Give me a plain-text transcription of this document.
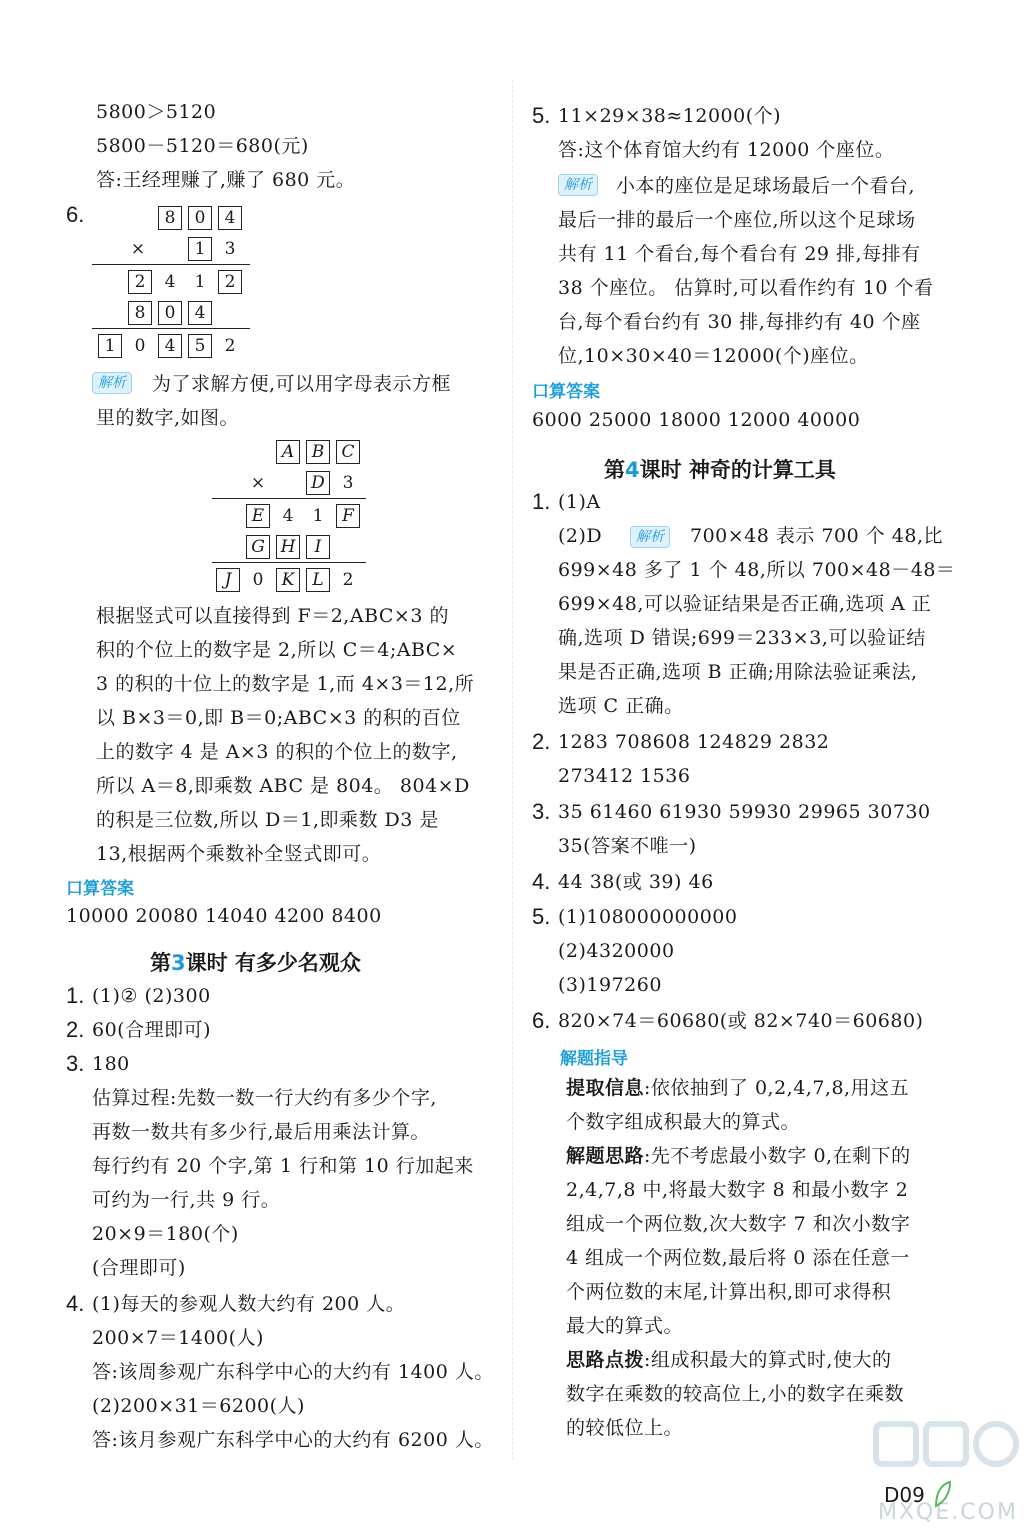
5800＞5120
5800－5120＝680(元)
答:王经理赚了,赚了 680 元。
6.	8	0	4
×	1	3
2	4	1	2
8	0	4
1	0	4	5	2
解析	为了求解方便,可以用字母表示方框
里的数字,如图。
A	B	C
×	D	3
E	4	1	F
G H	I
J	0	K	L	2
根据竖式可以直接得到 F＝2,ABC×3 的
积的个位上的数字是 2,所以 C＝4;ABC×
3 的积的十位上的数字是 1,而 4×3＝12,所
以 B×3＝0,即 B＝0;ABC×3 的积的百位
上的数字 4 是 A×3 的积的个位上的数字,
所以 A＝8,即乘数 ABC 是 804。 804×D
的积是三位数,所以 D＝1,即乘数 D3 是
13,根据两个乘数补全竖式即可。
口算答案
10000 20080 14040 4200 8400
第3课时 有多少名观众
1. (1)② (2)300
2. 60(合理即可)
3. 180
估算过程:先数一数一行大约有多少个字,
再数一数共有多少行,最后用乘法计算。
每行约有 20 个字,第 1 行和第 10 行加起来
可约为一行,共 9 行。
20×9＝180(个)
(合理即可)
4. (1)每天的参观人数大约有 200 人。
200×7＝1400(人)
答:该周参观广东科学中心的大约有 1400 人。
(2)200×31＝6200(人)
答:该月参观广东科学中心的大约有 6200 人。
5. 11×29×38≈12000(个)
答:这个体育馆大约有 12000 个座位。
解析	小本的座位是足球场最后一个看台,
最后一排的最后一个座位,所以这个足球场
共有 11 个看台,每个看台有 29 排,每排有
38 个座位。 估算时,可以看作约有 10 个看
台,每个看台约有 30 排,每排约有 40 个座
位,10×30×40＝12000(个)座位。
口算答案
6000 25000 18000 12000 40000
第4课时 神奇的计算工具
1. (1)A
(2)D	解析	700×48 表示 700 个 48,比
699×48 多了 1 个 48,所以 700×48－48＝
699×48,可以验证结果是否正确,选项 A 正
确,选项 D 错误;699＝233×3,可以验证结
果是否正确,选项 B 正确;用除法验证乘法,
选项 C 正确。
2. 1283 708608 124829 2832
273412 1536
3. 35 61460 61930 59930 29965 30730
35(答案不唯一)
4. 44 38(或 39) 46
5. (1)108000000000
(2)4320000
(3)197260
6. 820×74＝60680(或 82×740＝60680)
解题指导
提取信息:依依抽到了 0,2,4,7,8,用这五
个数字组成积最大的算式。
解题思路:先不考虑最小数字 0,在剩下的
2,4,7,8 中,将最大数字 8 和最小数字 2
组成一个两位数,次大数字 7 和次小数字
4 组成一个两位数,最后将 0 添在任意一
个两位数的末尾,计算出积,即可求得积
最大的算式。
思路点拨:组成积最大的算式时,使大的
数字在乘数的较高位上,小的数字在乘数
的较低位上。
MXQE.COM
D09
